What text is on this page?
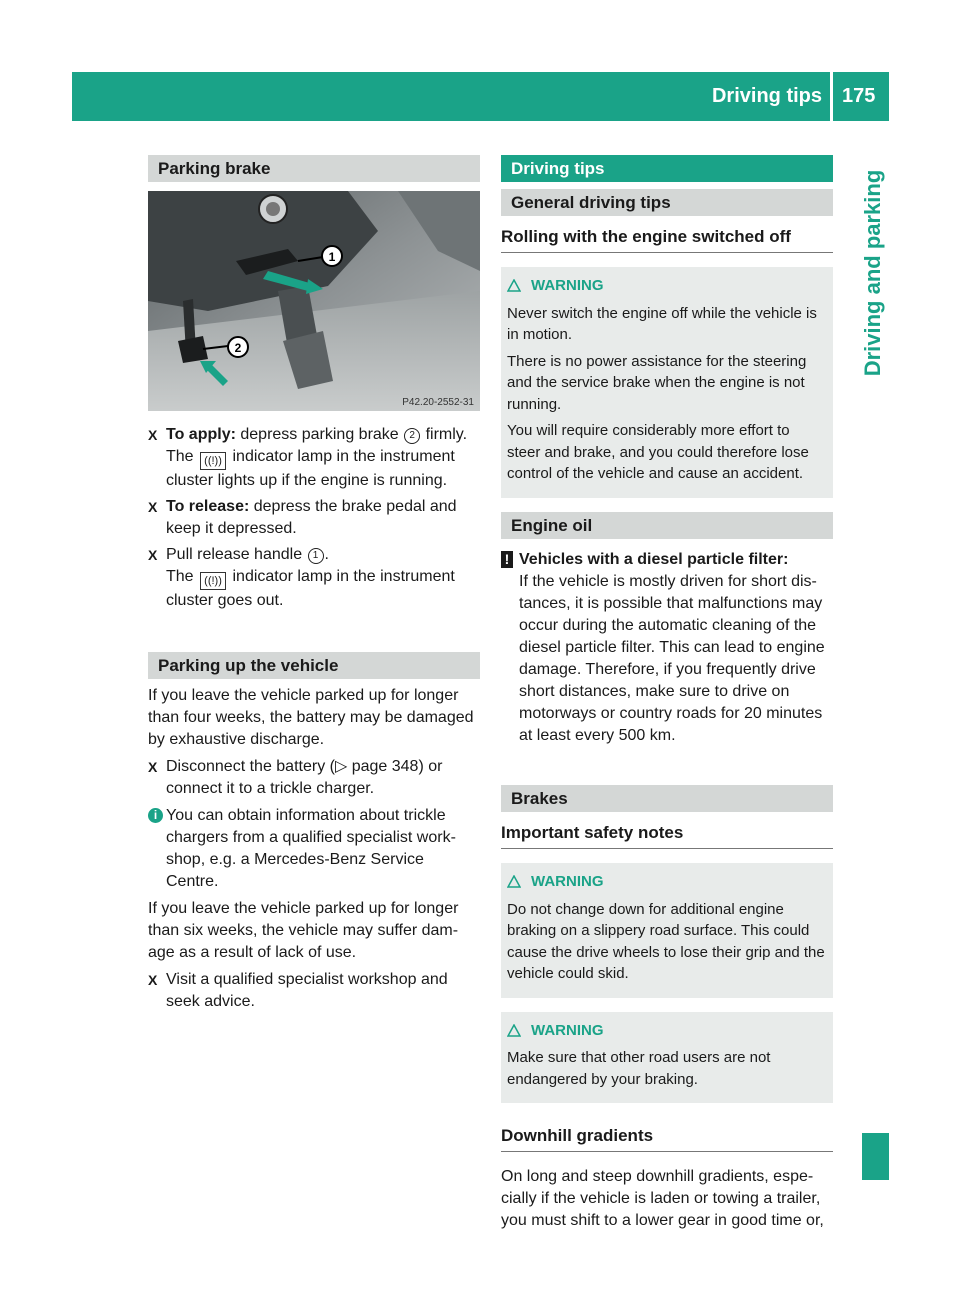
Driving tips 175
Driving and parking
Parking brake
1
2
P42.20-2552-31
X To apply: depress parking brake 2 firmly.

The ((!)) indicator lamp in the instrument

cluster lights up if the engine is running.

X To release: depress the brake pedal and

keep it depressed.

X Pull release handle 1 .

The ((!)) indicator lamp in the instrument

cluster goes out.

Parking up the vehicle

If you leave the vehicle parked up for longer than four weeks, the battery may be damaged by exhaustive discharge.

X Disconnect the battery (▷ page 348) or connect it to a trickle charger.

i You can obtain information about trickle chargers from a qualified specialist work- shop, e.g. a Mercedes-Benz Service Centre.

If you leave the vehicle parked up for longer than six weeks, the vehicle may suffer dam- age as a result of lack of use.

X Visit a qualified specialist workshop and seek advice.

Driving tips
General driving tips
Rolling with the engine switched off
WARNING

Never switch the engine off while the vehicle is in motion.

There is no power assistance for the steering and the service brake when the engine is not running.

You will require considerably more effort to steer and brake, and you could therefore lose control of the vehicle and cause an accident.

Engine oil
! Vehicles with a diesel particle filter:

If the vehicle is mostly driven for short dis- tances, it is possible that malfunctions may occur during the automatic cleaning of the diesel particle filter. This can lead to engine damage. Therefore, if you frequently drive short distances, make sure to drive on motorways or country roads for 20 minutes at least every 500 km.

Brakes
Important safety notes
WARNING

Do not change down for additional engine braking on a slippery road surface. This could cause the drive wheels to lose their grip and the vehicle could skid.

WARNING

Make sure that other road users are not endangered by your braking.

Downhill gradients

On long and steep downhill gradients, espe- cially if the vehicle is laden or towing a trailer, you must shift to a lower gear in good time or,
